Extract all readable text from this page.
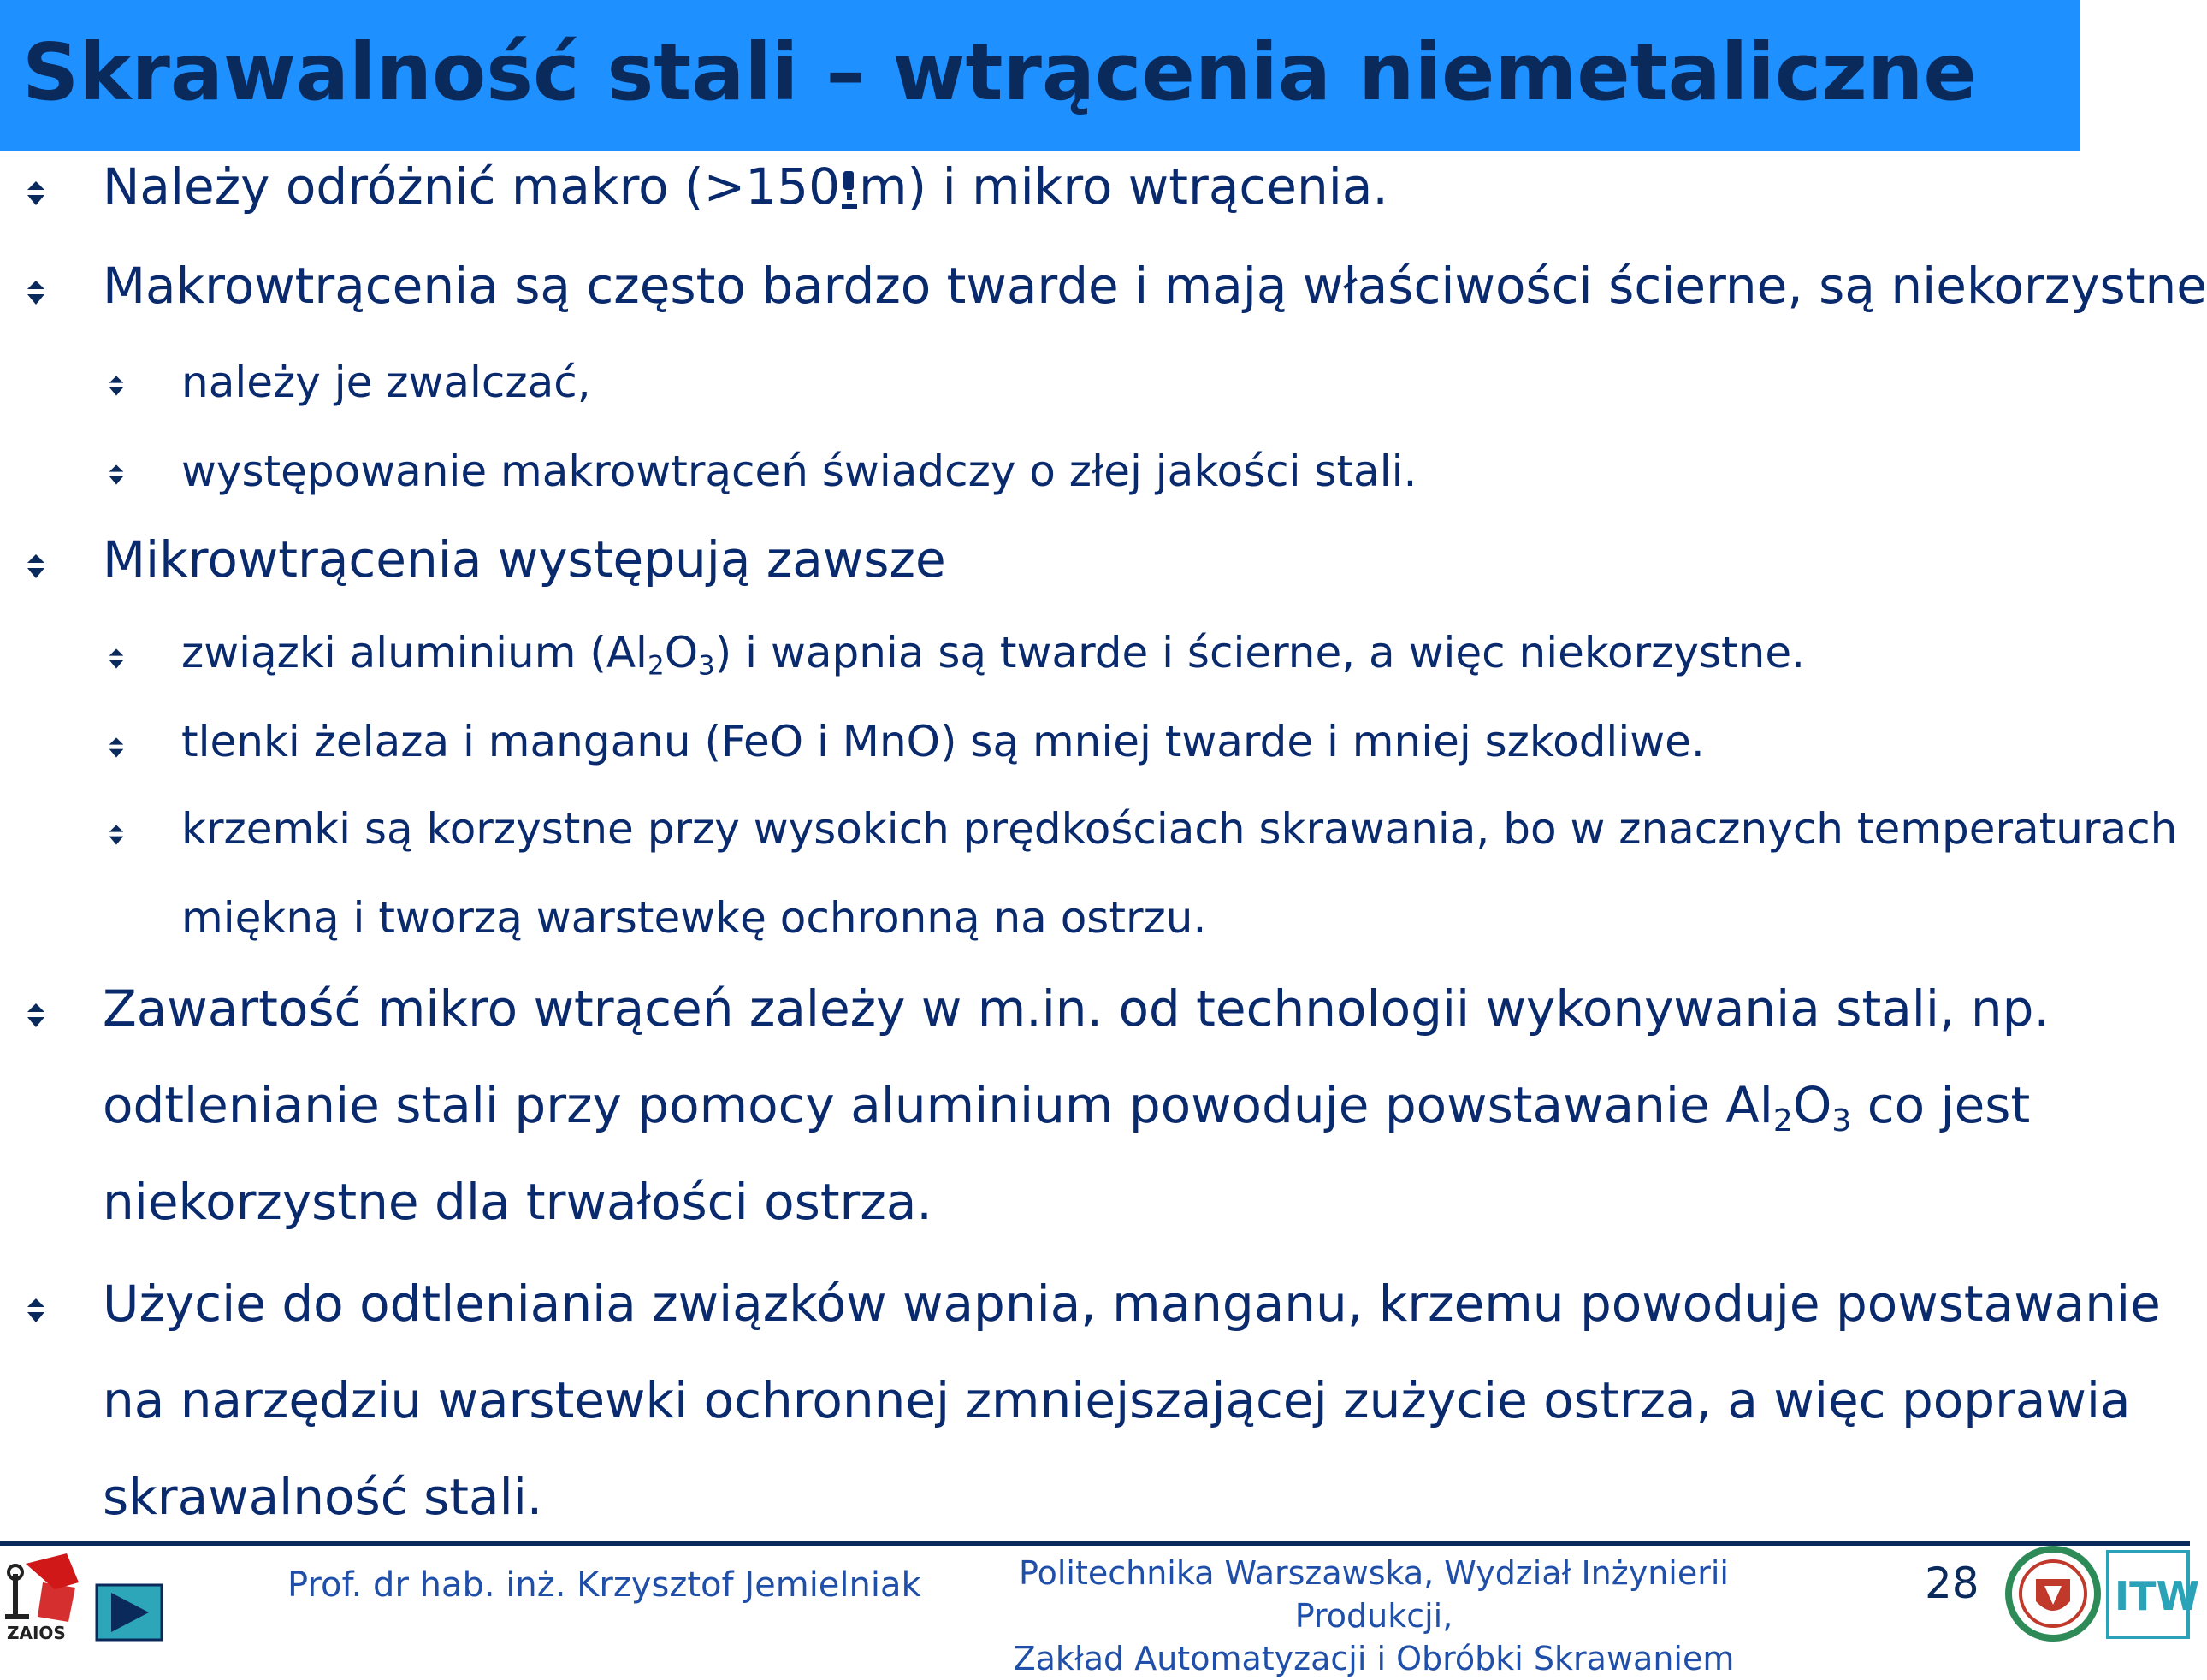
Skrawalność stali – wtrącenia niemetaliczne
Należy odróżnić makro (>150 m) i mikro wtrącenia.
Makrowtrącenia są często bardzo twarde i mają właściwości ścierne, są niekorzystne
należy je zwalczać,
występowanie makrowtrąceń świadczy o złej jakości stali.
Mikrowtrącenia występują zawsze
związki aluminium $(Al_2O_3)$ i wapnia są twarde i ścierne, a więc niekorzystne.
tlenki żelaza i manganu (FeO i MnO) są mniej twarde i mniej szkodliwe.
krzemki są korzystne przy wysokich prędkościach skrawania, bo w znacznych temperaturach
miękną i tworzą warstewkę ochronną na ostrzu.
Zawartość mikro wtrąceń zależy w m.in. od technologii wykonywania stali, np.
odtlenianie stali przy pomocy aluminium powoduje powstawanie $Al_2O_3$ co jest
niekorzystne dla trwałości ostrza.
Użycie do odtleniania związków wapnia, manganu, krzemu powoduje powstawanie
na narzędziu warstewki ochronnej zmniejszającej zużycie ostrza, a więc poprawia
skrawalność stali.
ZAIOS
Prof. dr hab. inż. Krzysztof Jemielniak	Politechnika Warszawska, Wydział Inżynierii Produkcji,
Zakład Automatyzacji i Obróbki Skrawaniem
28	ITW
